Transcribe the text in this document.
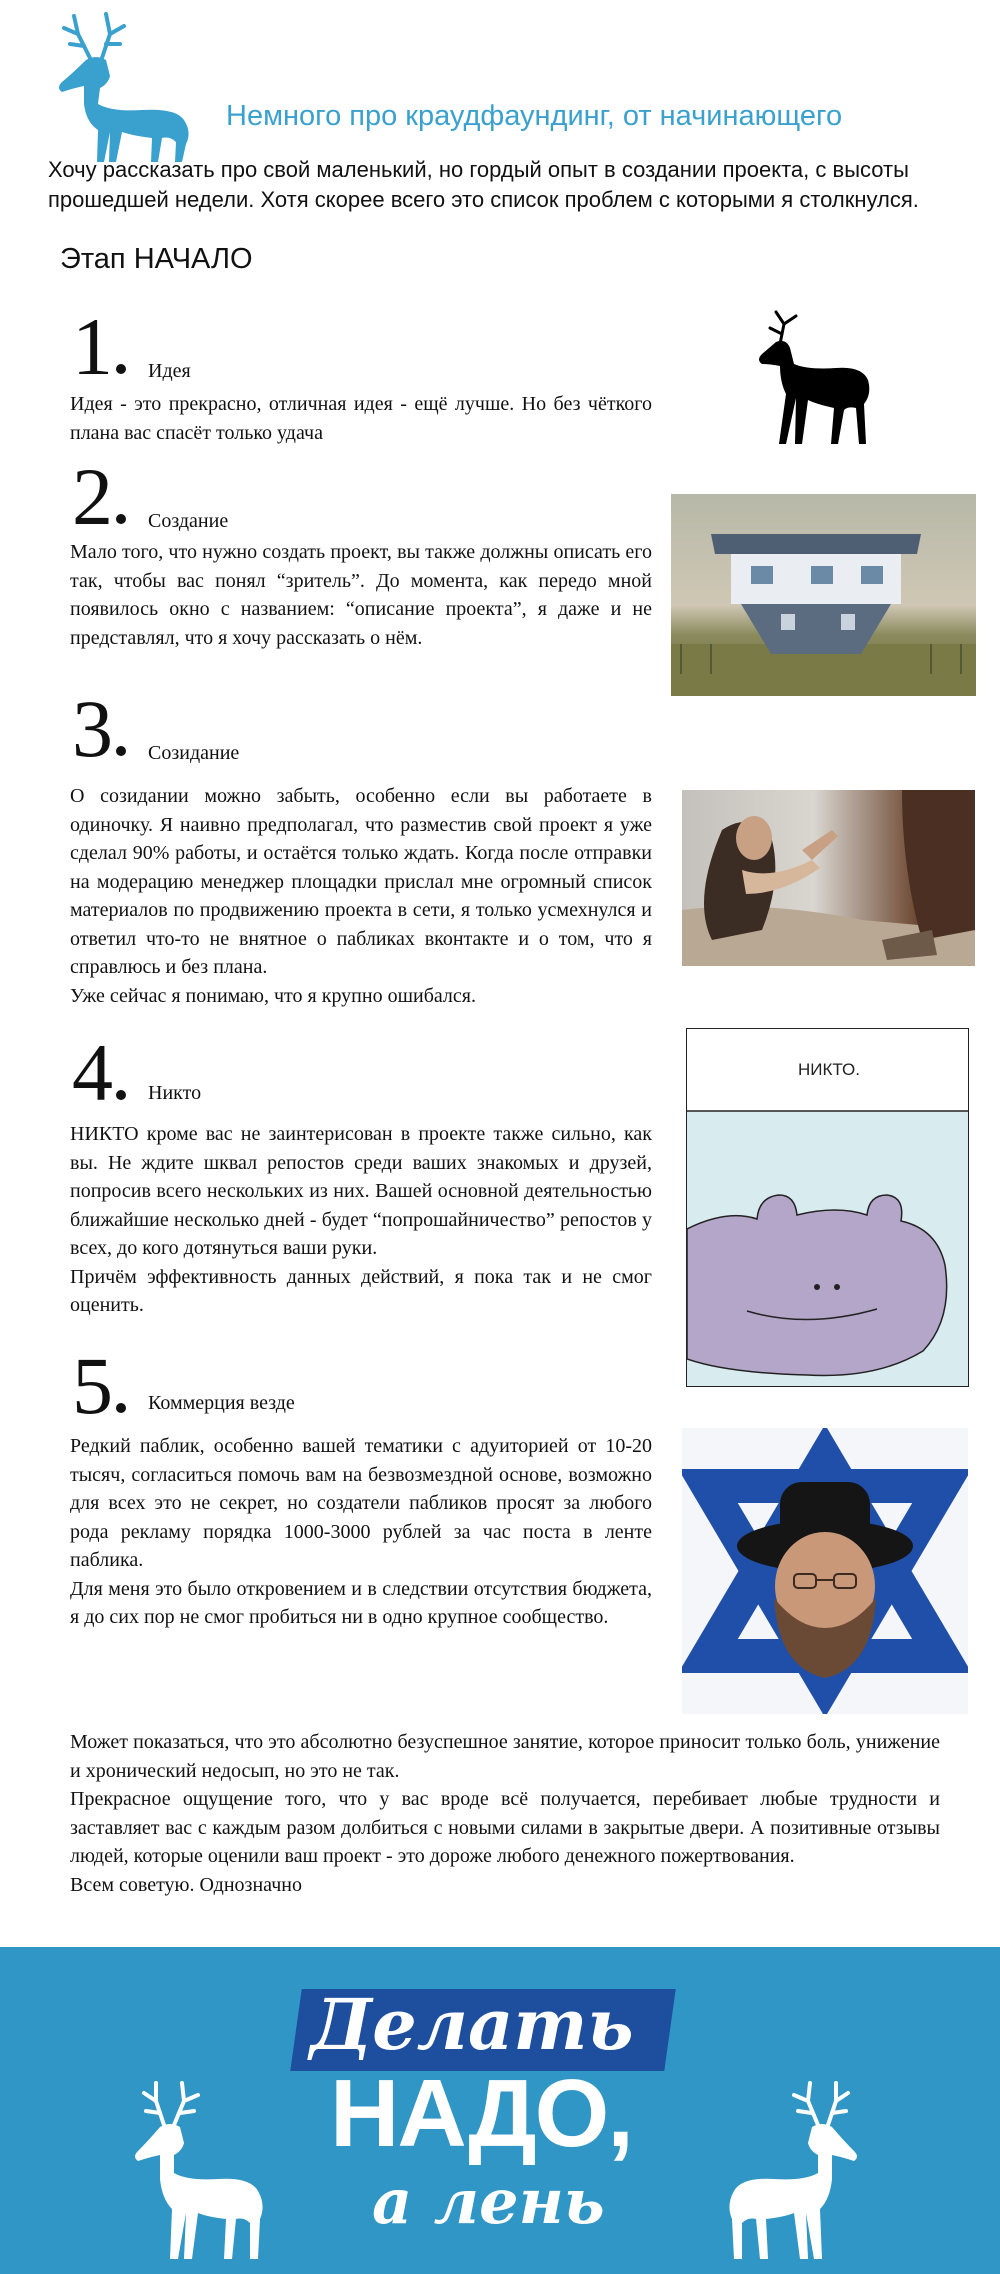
Немного про краудфаундинг, от начинающего
Хочу рассказать про свой маленький, но гордый опыт в создании проекта, с высоты прошедшей недели. Хотя скорее всего это список проблем с которыми я столкнулся.
Этап НАЧАЛО
1	Идея

Идея - это прекрасно, отличная идея - ещё лучше. Но без чёткого плана вас спасёт только удача

2	Создание

Мало того, что нужно создать проект, вы также должны описать его так, чтобы вас понял “зритель”. До момента, как передо мной появилось окно с названием: “описание проекта”, я даже и не представлял, что я хочу рассказать о нём.

3	Созидание

О созидании можно забыть, особенно если вы работаете в одиночку. Я наивно предполагал, что разместив свой проект я уже сделал 90% работы, и остаётся только ждать. Когда после отправки на модерацию менеджер площадки прислал мне огромный список материалов по продвижению проекта в сети, я только усмехнулся и ответил что-то не внятное о пабликах вконтакте и о том, что я справлюсь и без плана.

Уже сейчас я понимаю, что я крупно ошибался.

4	Никто

НИКТО кроме вас не заинтерисован в проекте также сильно, как вы. Не ждите шквал репостов среди ваших знакомых и друзей, попросив всего нескольких из них. Вашей основной деятельностью ближайшие несколько дней - будет “попрошайничество” репостов у всех, до кого дотянуться ваши руки.

Причём эффективность данных действий, я пока так и не смог оценить.

5	Коммерция везде

Редкий паблик, особенно вашей тематики с адуиторией от 10-20 тысяч, согласиться помочь вам на безвозмездной основе, возможно для всех это не секрет, но создатели пабликов просят за любого рода рекламу порядка 1000-3000 рублей за час поста в ленте паблика.

Для меня это было откровением и в следствии отсутствия бюджета, я до сих пор не смог пробиться ни в одно крупное сообщество.

НИКТО.

Может показаться, что это абсолютно безуспешное занятие, которое приносит только боль, унижение и хронический недосып, но это не так.

Прекрасное ощущение того, что у вас вроде всё получается, перебивает любые трудности и заставляет вас с каждым разом долбиться с новыми силами в закрытые двери. А позитивные отзывы людей, которые оценили ваш проект - это дороже любого денежного пожертвования.

Всем советую. Однозначно

Делать
НАДО,
а лень
